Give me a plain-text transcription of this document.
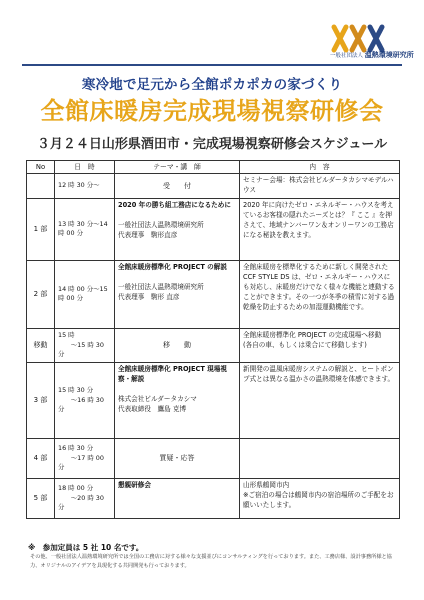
一般社団法人 温熱環境研究所
寒冷地で足元から全館ポカポカの家づくり
全館床暖房完成現場視察研修会
３月２４日山形県酒田市・完成現場視察研修会スケジュール
No	日　時	テーマ・講　師	内　容
	12 時 30 分～	受　　付	セミナー会場：株式会社ビルダータカシマモデルハウス
1 部	13 時 30 分～14 時 00 分	2020 年の勝ち組工務店になるために
一般社団法人温熱環境研究所
代表理事　駒形直彦	2020 年に向けたゼロ・エネルギー・ハウスを考えているお客様の隠れたニーズとは？『 ここ 』を押さえて、地域ナンバーワン＆オンリーワンの工務店になる秘訣を教えます。
2 部	14 時 00 分～15 時 00 分	全館床暖房標準化 PROJECT の解説
一般社団法人温熱環境研究所
代表理事　駒形 直彦	全館床暖房を標準化するために新しく開発された CCF STYLE DS は、ゼロ・エネルギー・ハウスにも対応し、床暖房だけでなく様々な機能と連動することができます。その一つが冬季の積雪に対する過乾燥を防止するための加湿運動機能です。
移動	15 時
　　～15 時 30 分	移　　動	全館床暖房標準化 PROJECT の完成現場へ移動
(各自の車、もしくは乗合にて移動します)

3 部	15 時 30 分
　　～16 時 30 分	全館床暖房標準化 PROJECT 現場視察・解説
株式会社ビルダータカシマ
代表取締役　鷹島 克博	新開発の温風床暖房システムの解説と、ヒートポンプ式とは異なる温かさの温熱環境を体感できます。
4 部	16 時 30 分
　　～17 時 00 分	質疑・応答	
5 部	18 時 00 分
　　～20 時 30 分	懇親研修会	山形県鶴岡市内
※ご宿泊の場合は鶴岡市内の宿泊場所のご手配をお願いいたします。
※　参加定員は 5 社 10 名です。
その他、一般社団法人温熱環境研究所では全国の工務店に対する様々な支援並びにコンサルティングを行っております。また、工務店様、設計事務所様と協力、オリジナルのアイデアを具現化する共同開発も行っております。
